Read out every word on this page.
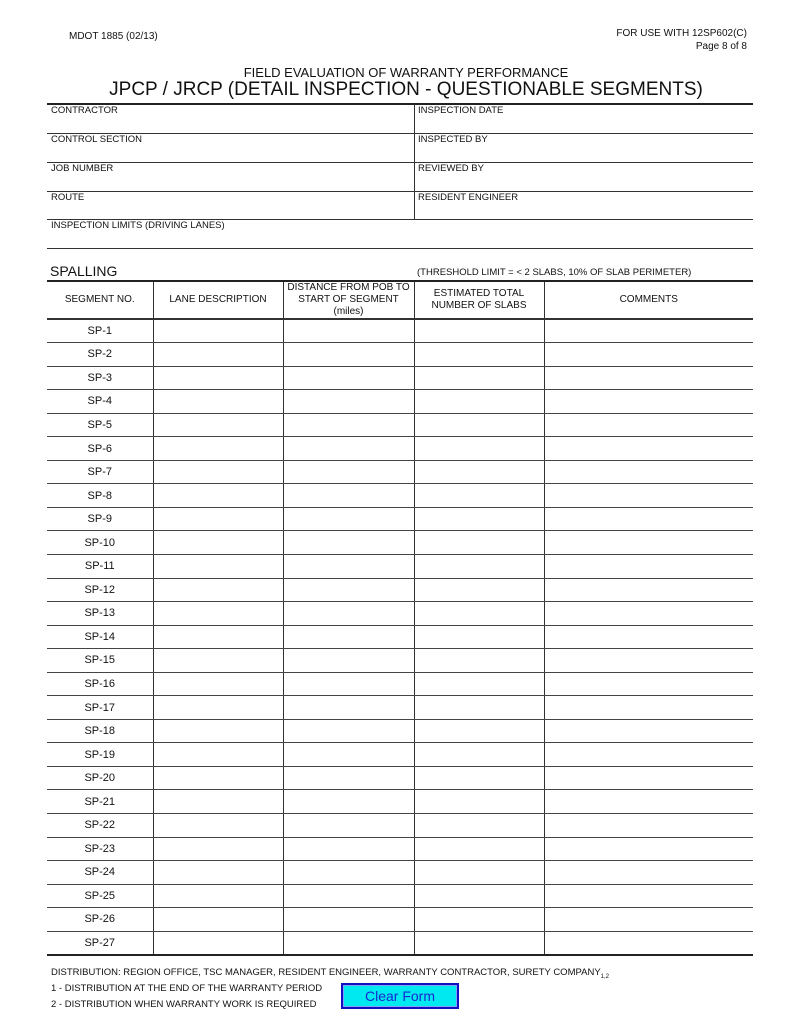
MDOT 1885 (02/13)	FOR USE WITH 12SP602(C)
Page 8 of 8
FIELD EVALUATION OF WARRANTY PERFORMANCE
JPCP / JRCP (DETAIL INSPECTION - QUESTIONABLE SEGMENTS)
CONTRACTOR	INSPECTION DATE
CONTROL SECTION	INSPECTED BY
JOB NUMBER	REVIEWED BY
ROUTE	RESIDENT ENGINEER
INSPECTION LIMITS (DRIVING LANES)
SPALLING	(THRESHOLD LIMIT = < 2 SLABS, 10% OF SLAB PERIMETER)
SEGMENT NO.	LANE DESCRIPTION	DISTANCE FROM POB TO START OF SEGMENT (miles)	ESTIMATED TOTAL NUMBER OF SLABS	COMMENTS
SP-1				
SP-2				
SP-3				
SP-4				
SP-5				
SP-6				
SP-7				
SP-8				
SP-9				
SP-10				
SP-11				
SP-12				
SP-13				
SP-14				
SP-15				
SP-16				
SP-17				
SP-18				
SP-19				
SP-20				
SP-21				
SP-22				
SP-23				
SP-24				
SP-25				
SP-26				
SP-27				
DISTRIBUTION: REGION OFFICE, TSC MANAGER, RESIDENT ENGINEER, WARRANTY CONTRACTOR, SURETY $COMPANY_{1,2}$
1 - DISTRIBUTION AT THE END OF THE WARRANTY PERIOD
2 - DISTRIBUTION WHEN WARRANTY WORK IS REQUIRED
Clear Form
